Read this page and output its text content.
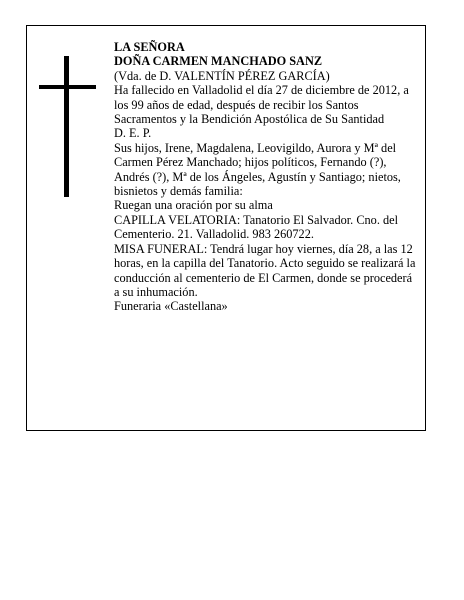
LA SEÑORA

DOÑA CARMEN MANCHADO SANZ

(Vda. de D. VALENTÍN PÉREZ GARCÍA)

Ha fallecido en Valladolid el día 27 de diciembre de 2012, a los 99 años de edad, después de recibir los Santos Sacramentos y la Bendición Apostólica de Su Santidad

D. E. P.

Sus hijos, Irene, Magdalena, Leovigildo, Aurora y Mª del Carmen Pérez Manchado; hijos políticos, Fernando (?), Andrés (?), Mª de los Ángeles, Agustín y Santiago; nietos, bisnietos y demás familia:

Ruegan una oración por su alma

CAPILLA VELATORIA: Tanatorio El Salvador. Cno. del Cementerio. 21. Valladolid. 983 260722.

MISA FUNERAL: Tendrá lugar hoy viernes, día 28, a las 12 horas, en la capilla del Tanatorio. Acto seguido se realizará la conducción al cementerio de El Carmen, donde se procederá a su inhumación.

Funeraria «Castellana»
